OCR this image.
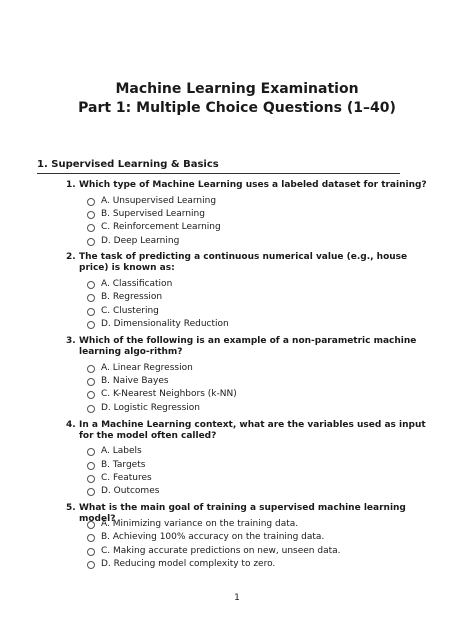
Machine Learning Examination
Part 1: Multiple Choice Questions (1–40)
1. Supervised Learning & Basics
1. Which type of Machine Learning uses a labeled dataset for training?
A. Unsupervised Learning
B. Supervised Learning
C. Reinforcement Learning
D. Deep Learning
2. The task of predicting a continuous numerical value (e.g., house price) is known as:
A. Classification
B. Regression
C. Clustering
D. Dimensionality Reduction
3. Which of the following is an example of a non-parametric machine learning algo-rithm?
A. Linear Regression
B. Naive Bayes
C. K-Nearest Neighbors (k-NN)
D. Logistic Regression
4. In a Machine Learning context, what are the variables used as input for the model often called?
A. Labels
B. Targets
C. Features
D. Outcomes
5. What is the main goal of training a supervised machine learning model?
A. Minimizing variance on the training data.
B. Achieving 100% accuracy on the training data.
C. Making accurate predictions on new, unseen data.
D. Reducing model complexity to zero.
1
